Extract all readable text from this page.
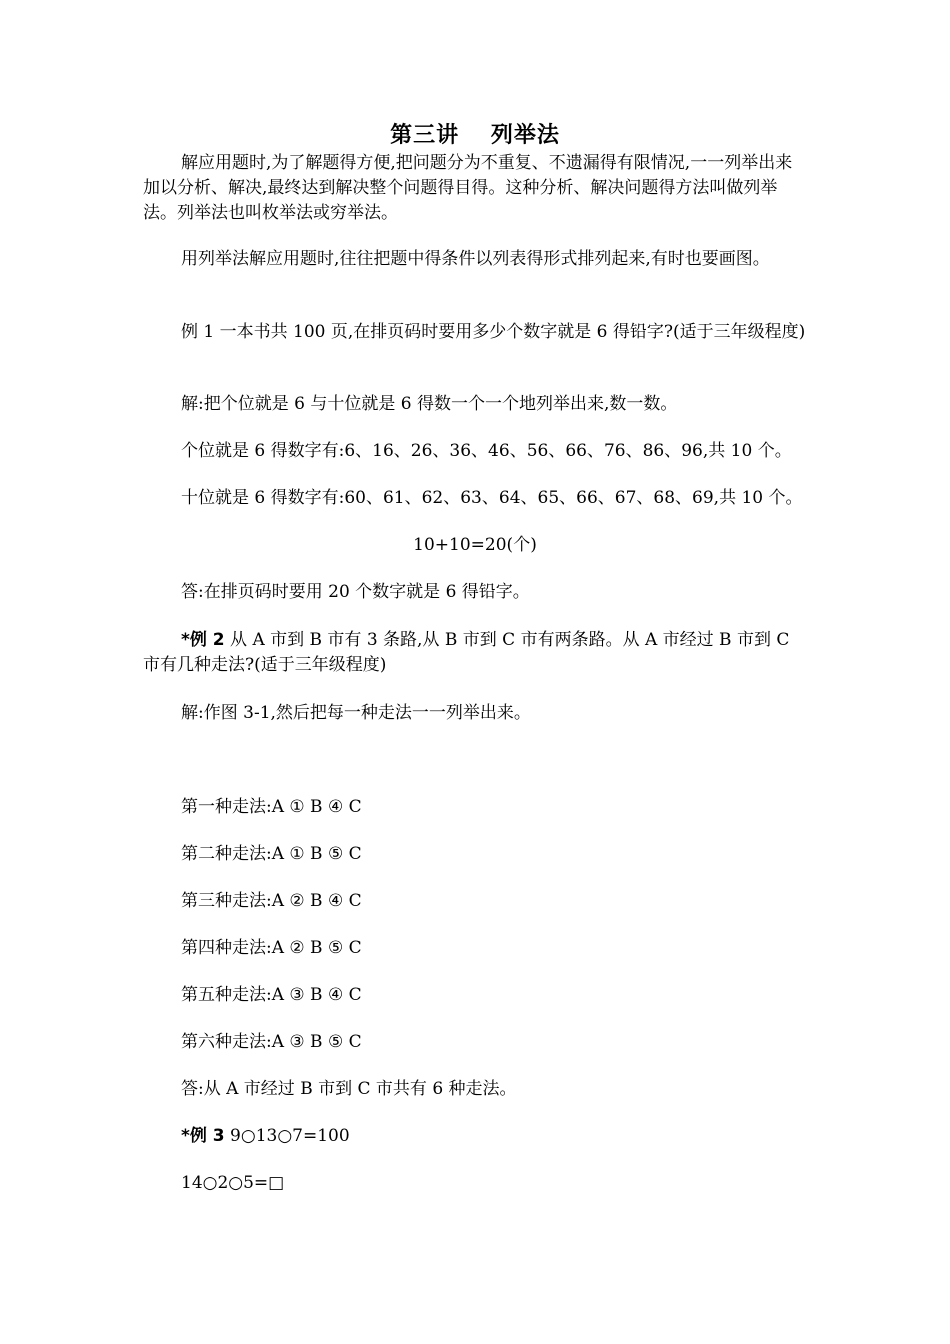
第三讲　 列举法
解应用题时,为了解题得方便,把问题分为不重复、不遗漏得有限情况,一一列举出来加以分析、解决,最终达到解决整个问题得目得。这种分析、解决问题得方法叫做列举法。列举法也叫枚举法或穷举法。
用列举法解应用题时,往往把题中得条件以列表得形式排列起来,有时也要画图。
例 1 一本书共 100 页,在排页码时要用多少个数字就是 6 得铅字?(适于三年级程度)
解:把个位就是 6 与十位就是 6 得数一个一个地列举出来,数一数。
个位就是 6 得数字有:6、16、26、36、46、56、66、76、86、96,共 10 个。
十位就是 6 得数字有:60、61、62、63、64、65、66、67、68、69,共 10 个。
10+10=20(个)
答:在排页码时要用 20 个数字就是 6 得铅字。
*例 2 从 A 市到 B 市有 3 条路,从 B 市到 C 市有两条路。从 A 市经过 B 市到 C 市有几种走法?(适于三年级程度)
解:作图 3-1,然后把每一种走法一一列举出来。
第一种走法:A ① B ④ C
第二种走法:A ① B ⑤ C
第三种走法:A ② B ④ C
第四种走法:A ② B ⑤ C
第五种走法:A ③ B ④ C
第六种走法:A ③ B ⑤ C
答:从 A 市经过 B 市到 C 市共有 6 种走法。
*例 3 9○13○7=100
14○2○5=□
